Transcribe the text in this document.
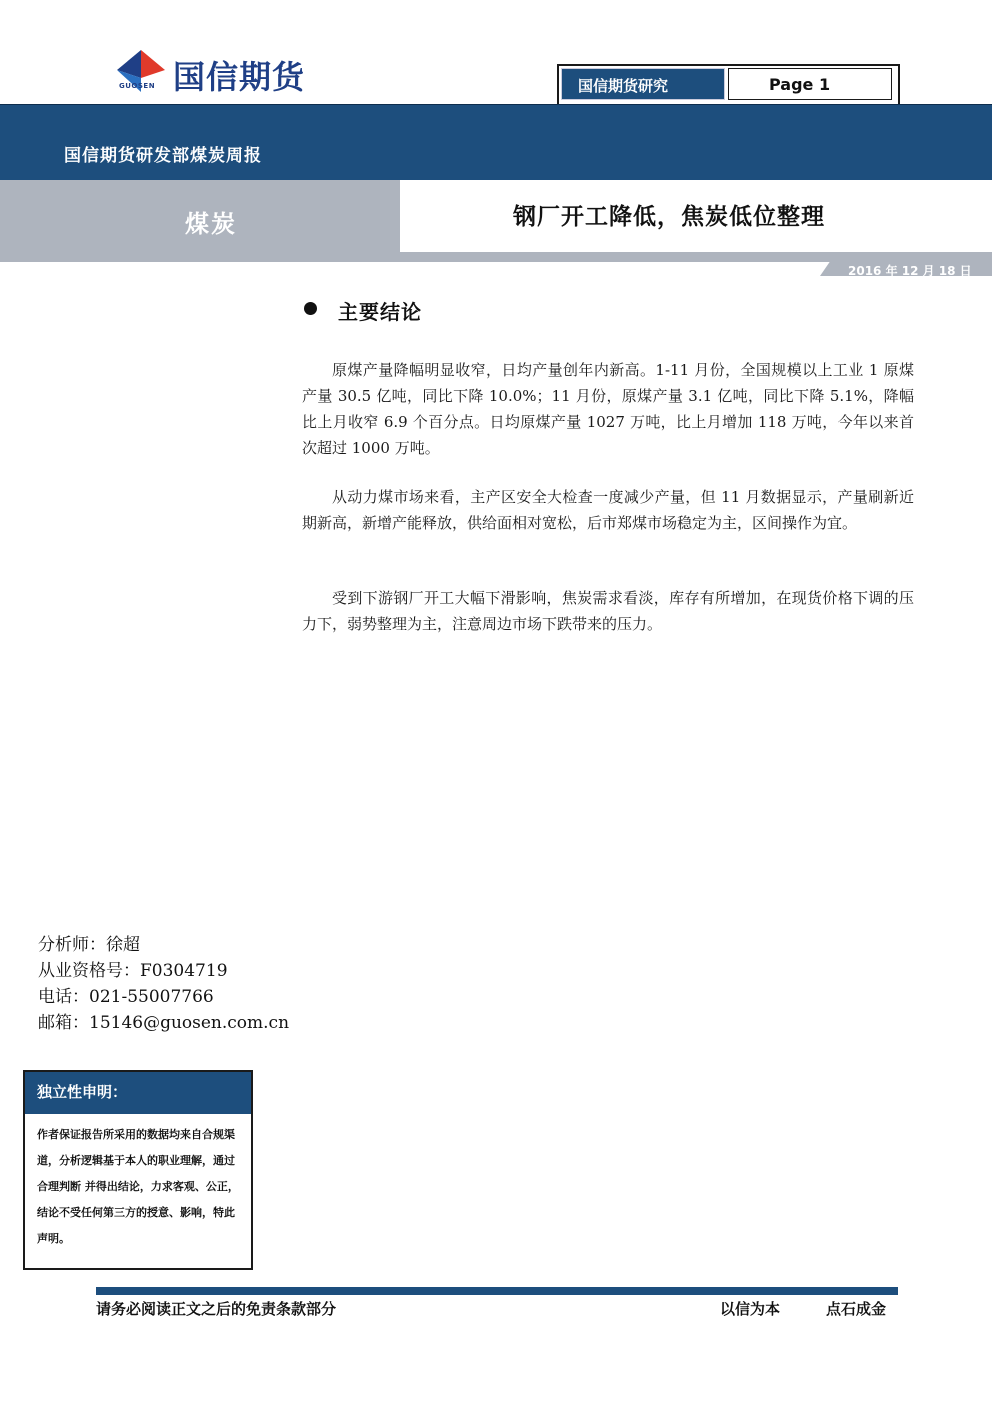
国信期货
GUOSEN	国信期货研究	Page 1
国信期货研发部煤炭周报
煤炭	钢厂开工降低，焦炭低位整理
2016 年 12 月 18 日
主要结论
原煤产量降幅明显收窄，日均产量创年内新高。1-11 月份，全国规模以上工业 1 原煤产量 30.5 亿吨，同比下降 10.0%；11 月份，原煤产量 3.1 亿吨，同比下降 5.1%，降幅比上月收窄 6.9 个百分点。日均原煤产量 1027 万吨，比上月增加 118 万吨，今年以来首次超过 1000 万吨。
从动力煤市场来看，主产区安全大检查一度减少产量，但 11 月数据显示，产量刷新近期新高，新增产能释放，供给面相对宽松，后市郑煤市场稳定为主，区间操作为宜。
受到下游钢厂开工大幅下滑影响，焦炭需求看淡，库存有所增加，在现货价格下调的压力下，弱势整理为主，注意周边市场下跌带来的压力。
分析师：徐超
从业资格号：F0304719
电话：021-55007766
邮箱：15146@guosen.com.cn
独立性申明：
作者保证报告所采用的数据均来自合规渠道，分析逻辑基于本人的职业理解，通过合理判断 并得出结论，力求客观、公正，结论不受任何第三方的授意、影响，特此声明。
请务必阅读正文之后的免责条款部分	以信为本	点石成金
